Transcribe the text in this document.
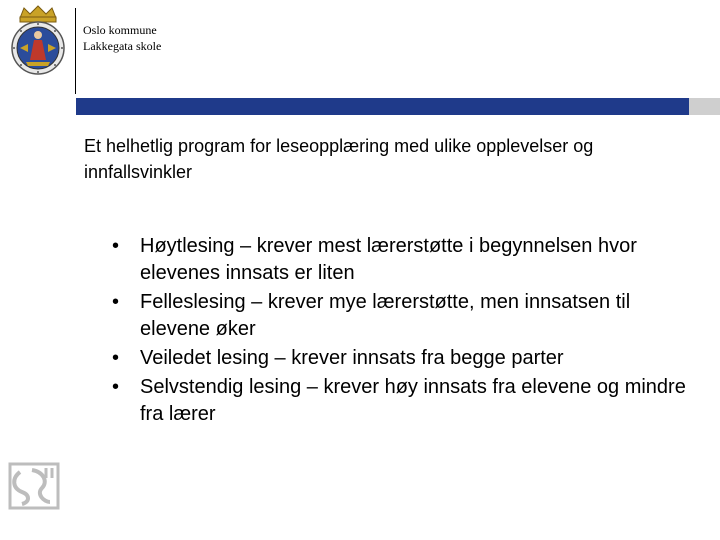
Oslo kommune
Lakkegata skole
Et helhetlig program for leseopplæring med ulike opplevelser og innfallsvinkler
•	Høytlesing – krever mest lærerstøtte i begynnelsen hvor elevenes innsats er liten
•	Felleslesing – krever mye lærerstøtte, men innsatsen til elevene øker
•	Veiledet lesing – krever innsats fra begge parter
•	Selvstendig lesing – krever høy innsats fra elevene og mindre fra lærer
